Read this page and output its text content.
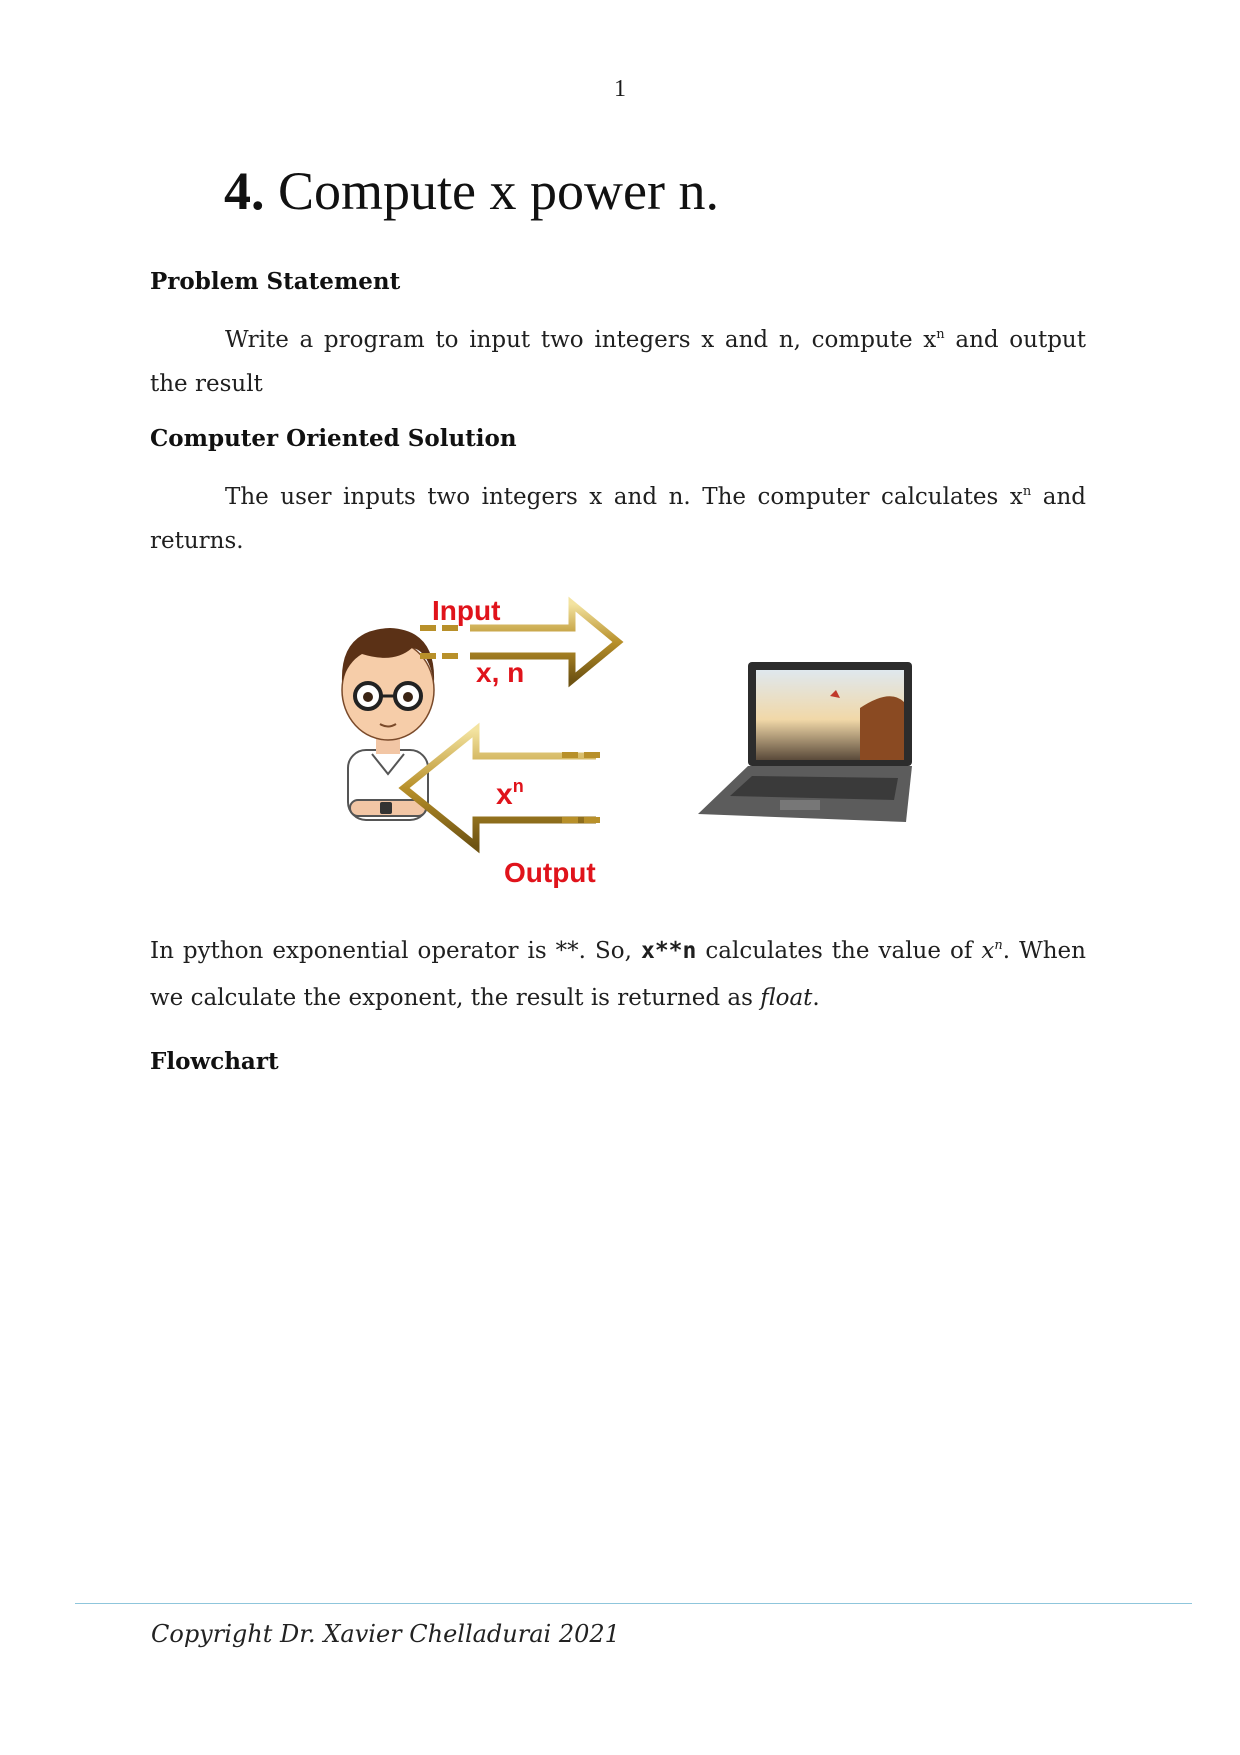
1
4. Compute x power n.
Problem Statement

Write a program to input two integers x and n, compute $x^n$ and output the result

Computer Oriented Solution

The user inputs two integers x and n. The computer calculates $x^n$ and returns.

Input
x, n
$x^n$
Output

In python exponential operator is **. So, x**n calculates the value of $x^n$. When we calculate the exponent, the result is returned as float.

Flowchart
Copyright Dr. Xavier Chelladurai 2021
